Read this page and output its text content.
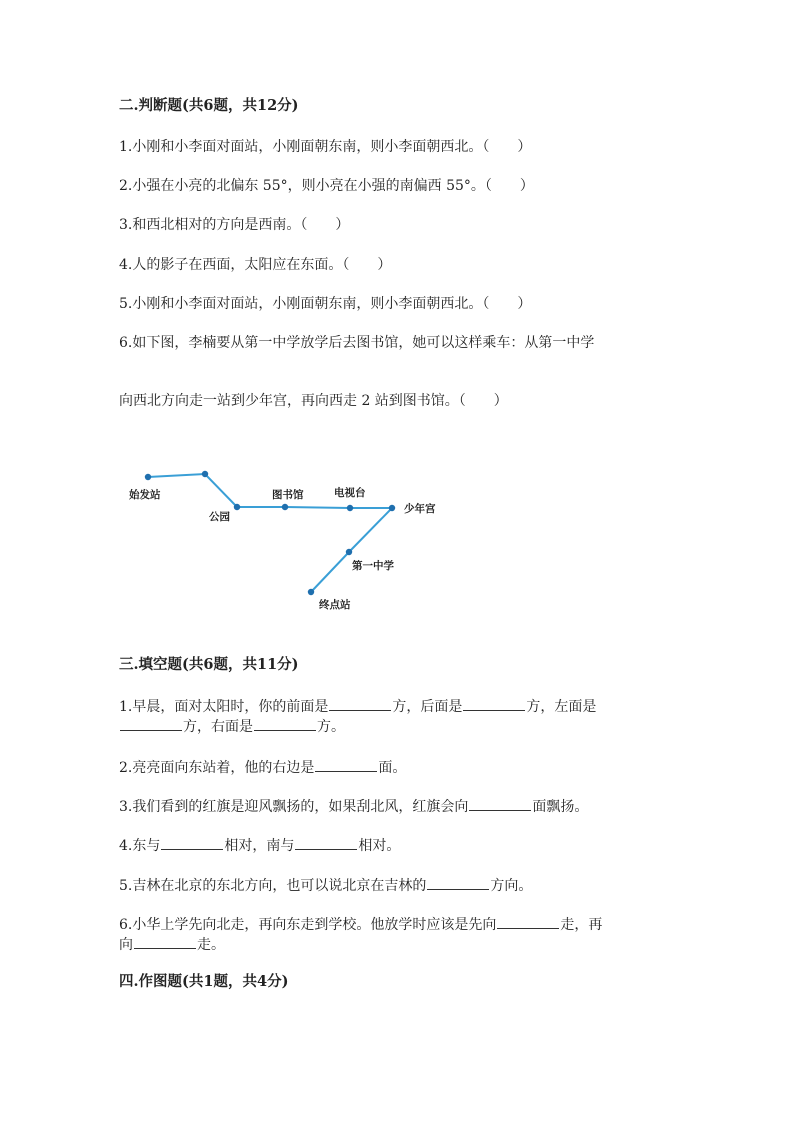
二.判断题(共6题，共12分)
1.小刚和小李面对面站，小刚面朝东南，则小李面朝西北。（　　）
2.小强在小亮的北偏东 55°，则小亮在小强的南偏西 55°。（　　）
3.和西北相对的方向是西南。（　　）
4.人的影子在西面，太阳应在东面。（　　）
5.小刚和小李面对面站，小刚面朝东南，则小李面朝西北。（　　）
6.如下图，李楠要从第一中学放学后去图书馆，她可以这样乘车：从第一中学
向西北方向走一站到少年宫，再向西走 2 站到图书馆。（　　）
始发站
公园
图书馆	电视台
少年宫
第一中学
终点站
三.填空题(共6题，共11分)
1.早晨，面对太阳时，你的前面是	方，后面是	方，左面是
方，右面是	方。
2.亮亮面向东站着，他的右边是	面。
3.我们看到的红旗是迎风飘扬的，如果刮北风，红旗会向	面飘扬。
4.东与	相对，南与	相对。
5.吉林在北京的东北方向，也可以说北京在吉林的	方向。
6.小华上学先向北走，再向东走到学校。他放学时应该是先向	走，再
向	走。
四.作图题(共1题，共4分)
